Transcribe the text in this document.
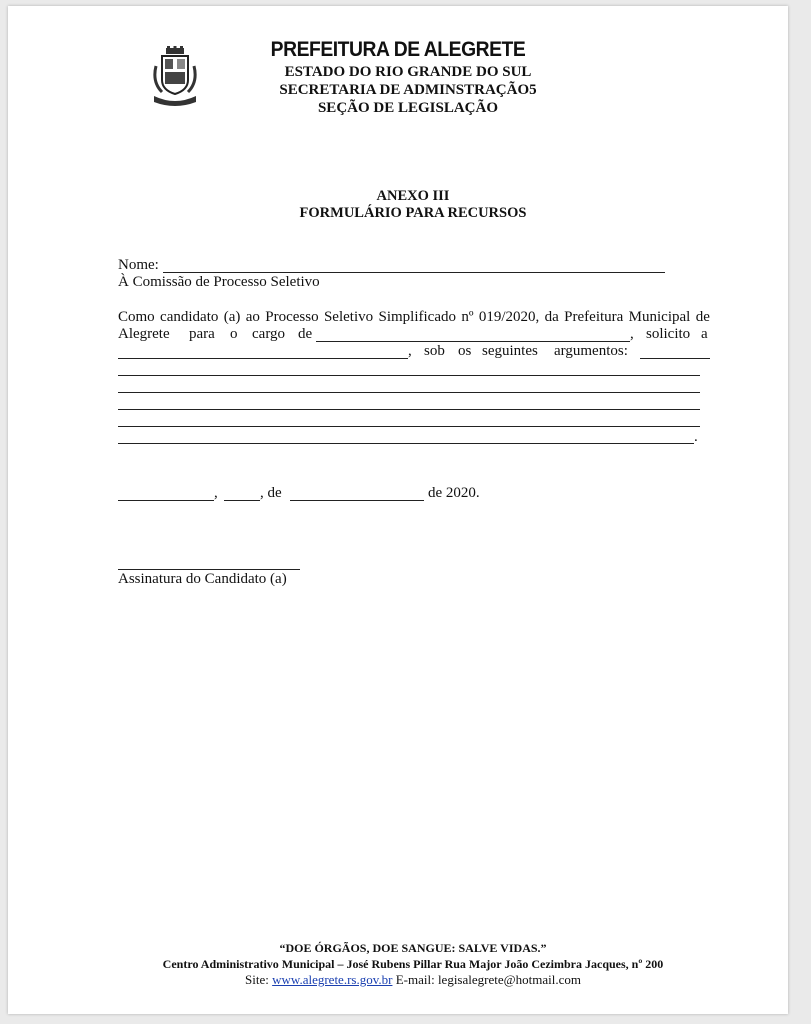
PREFEITURA DE ALEGRETE
ESTADO DO RIO GRANDE DO SUL
SECRETARIA DE ADMINSTRAÇÃO5
SEÇÃO DE LEGISLAÇÃO
ANEXO III
FORMULÁRIO PARA RECURSOS
Nome:
À Comissão de Processo Seletivo
Como candidato (a) ao Processo Seletivo Simplificado nº 019/2020, da Prefeitura Municipal de
Alegrete para o cargo de	, solicito a
, sob os seguintes argumentos:
.
,	, de	de 2020.
Assinatura do Candidato (a)
“DOE ÓRGÃOS, DOE SANGUE: SALVE VIDAS.”
Centro Administrativo Municipal – José Rubens Pillar Rua Major João Cezimbra Jacques, nº 200
Site: www.alegrete.rs.gov.br E-mail: legisalegrete@hotmail.com
